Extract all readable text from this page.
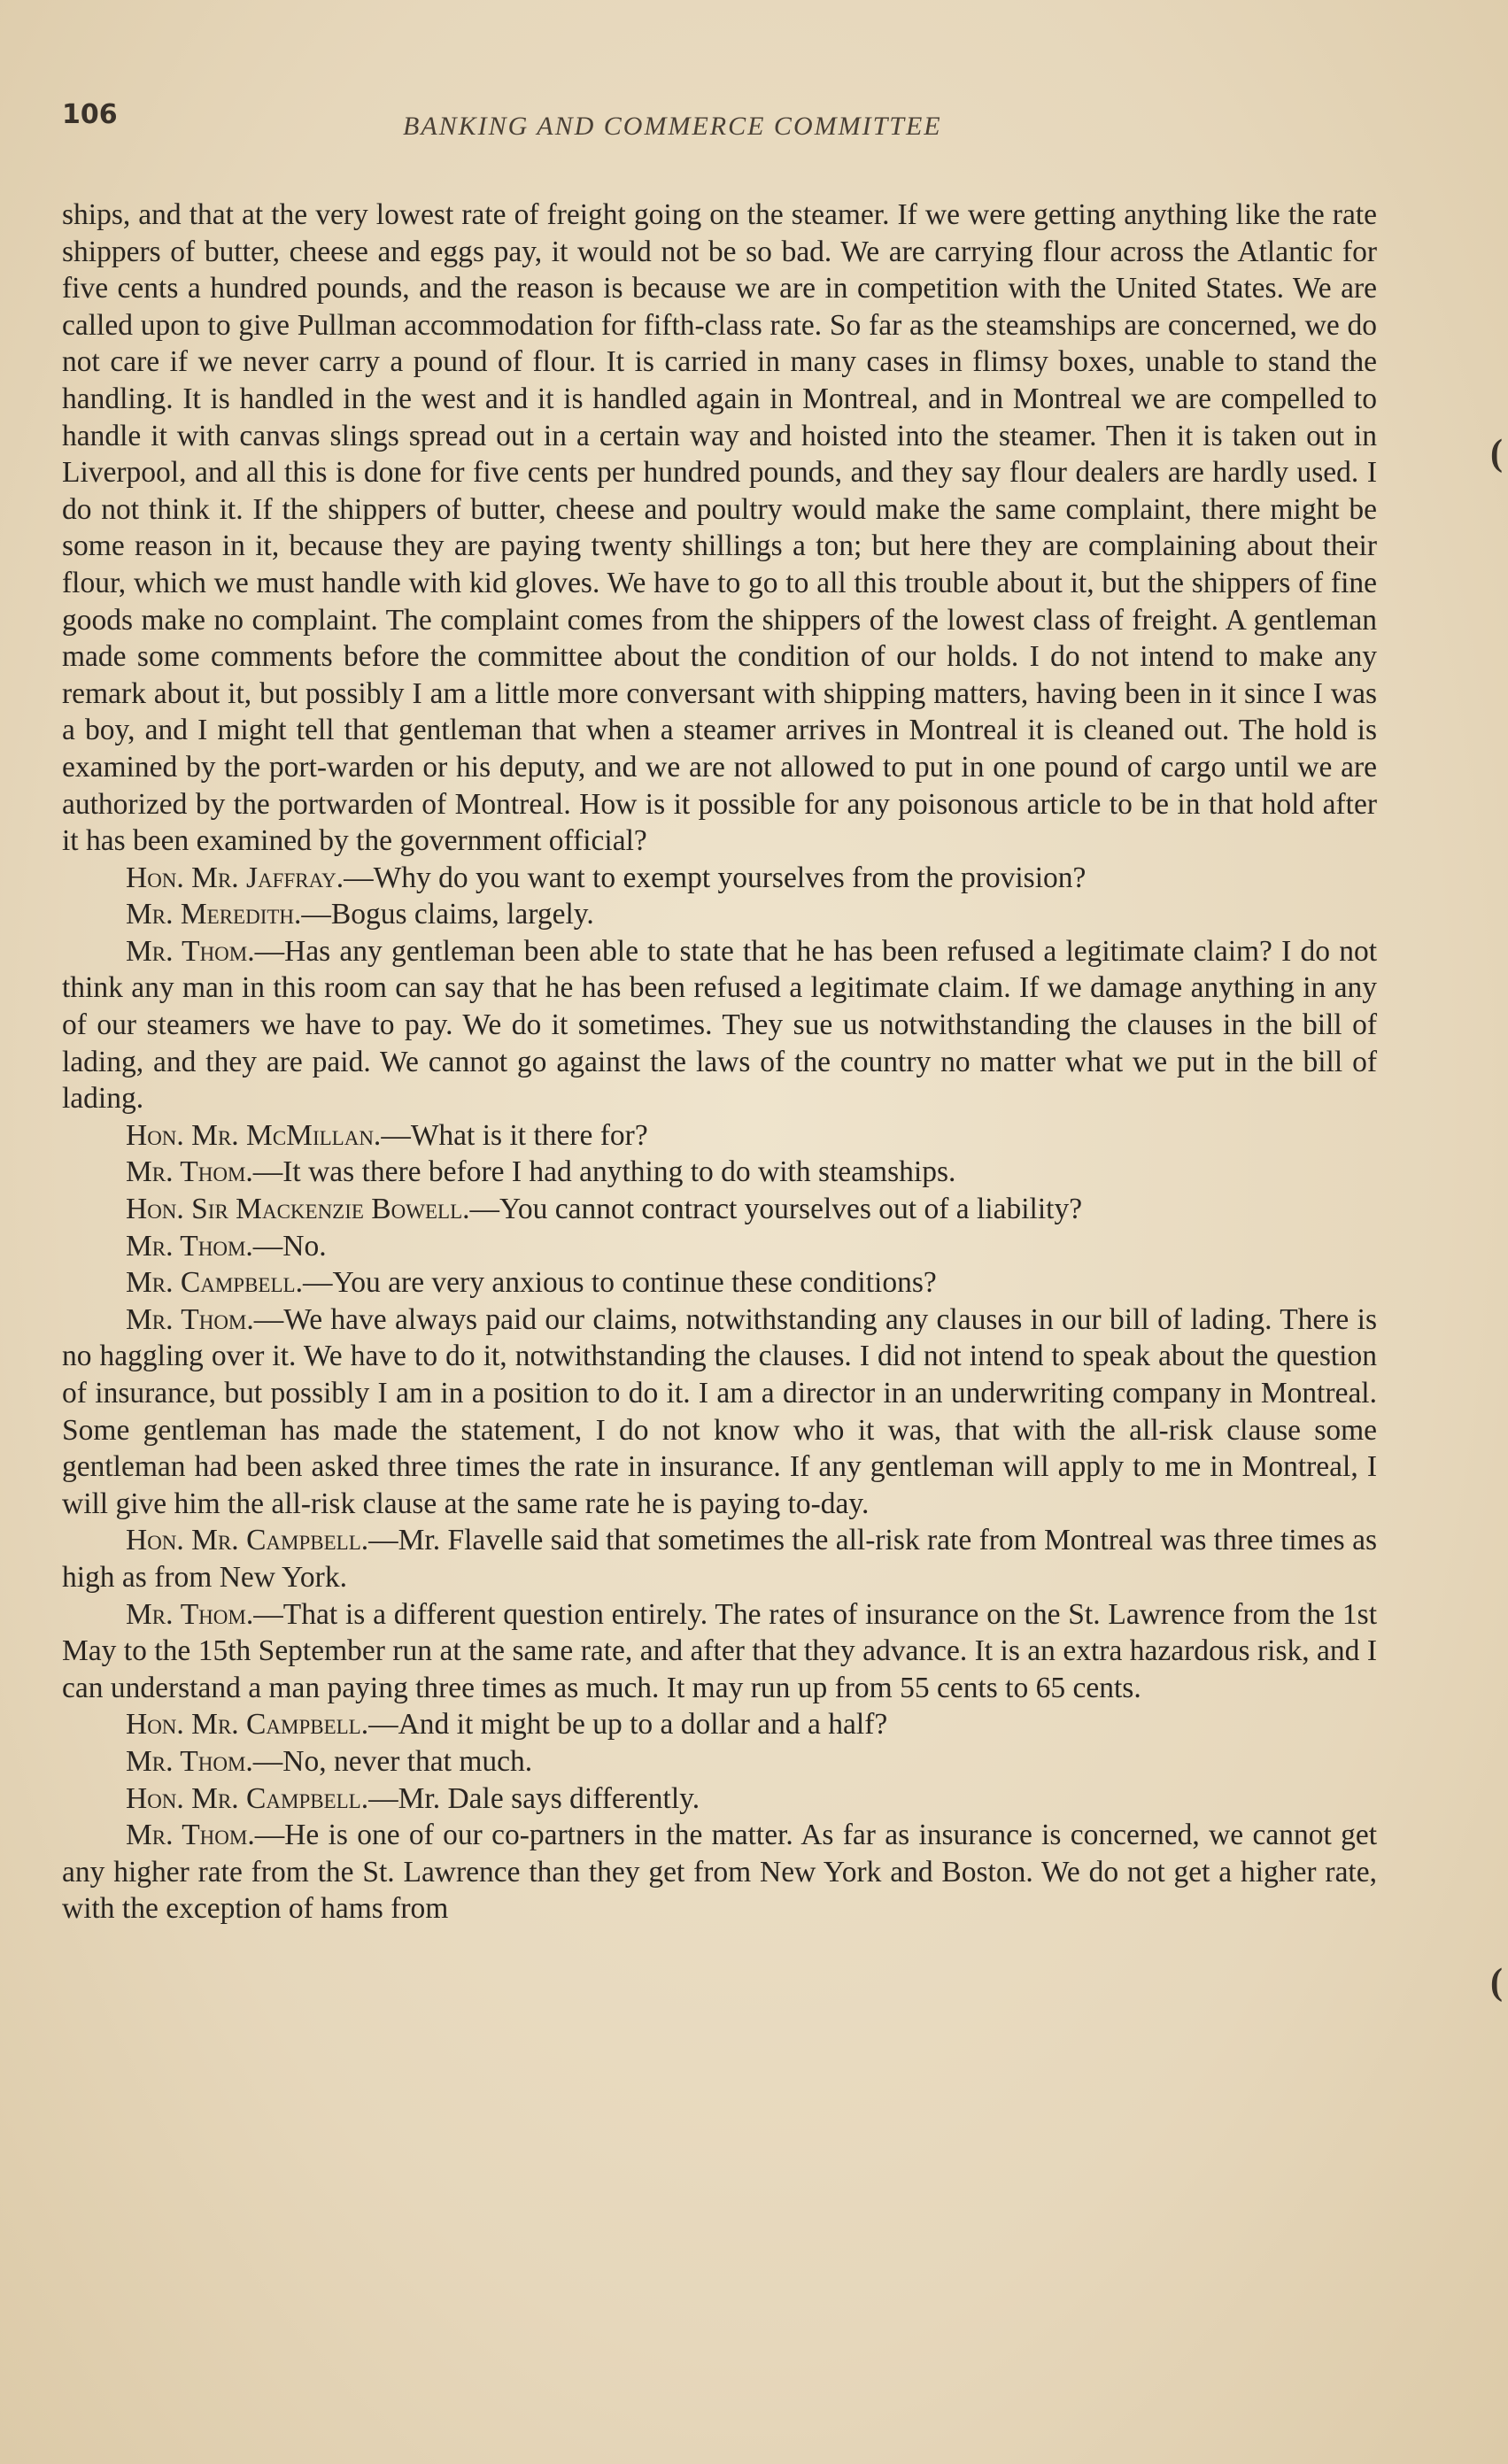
106	BANKING AND COMMERCE COMMITTEE

ships, and that at the very lowest rate of freight going on the steamer. If we were getting anything like the rate shippers of butter, cheese and eggs pay, it would not be so bad. We are carrying flour across the Atlantic for five cents a hundred pounds, and the reason is because we are in competition with the United States. We are called upon to give Pullman accommodation for fifth-class rate. So far as the steamships are concerned, we do not care if we never carry a pound of flour. It is carried in many cases in flimsy boxes, unable to stand the handling. It is handled in the west and it is handled again in Montreal, and in Montreal we are compelled to handle it with canvas slings spread out in a certain way and hoisted into the steamer. Then it is taken out in Liverpool, and all this is done for five cents per hundred pounds, and they say flour dealers are hardly used. I do not think it. If the shippers of butter, cheese and poultry would make the same complaint, there might be some reason in it, because they are paying twenty shillings a ton; but here they are complaining about their flour, which we must handle with kid gloves. We have to go to all this trouble about it, but the shippers of fine goods make no complaint. The complaint comes from the shippers of the lowest class of freight. A gentleman made some comments before the committee about the condition of our holds. I do not intend to make any remark about it, but possibly I am a little more conversant with shipping matters, having been in it since I was a boy, and I might tell that gentleman that when a steamer arrives in Montreal it is cleaned out. The hold is examined by the port-warden or his deputy, and we are not allowed to put in one pound of cargo until we are authorized by the portwarden of Montreal. How is it possible for any poisonous article to be in that hold after it has been examined by the government official?

Hon. Mr. Jaffray.—Why do you want to exempt yourselves from the provision?

Mr. Meredith.—Bogus claims, largely.

Mr. Thom.—Has any gentleman been able to state that he has been refused a legitimate claim? I do not think any man in this room can say that he has been refused a legitimate claim. If we damage anything in any of our steamers we have to pay. We do it sometimes. They sue us notwithstanding the clauses in the bill of lading, and they are paid. We cannot go against the laws of the country no matter what we put in the bill of lading.

Hon. Mr. McMillan.—What is it there for?

Mr. Thom.—It was there before I had anything to do with steamships.

Hon. Sir Mackenzie Bowell.—You cannot contract yourselves out of a liability?

Mr. Thom.—No.

Mr. Campbell.—You are very anxious to continue these conditions?

Mr. Thom.—We have always paid our claims, notwithstanding any clauses in our bill of lading. There is no haggling over it. We have to do it, notwithstanding the clauses. I did not intend to speak about the question of insurance, but possibly I am in a position to do it. I am a director in an underwriting company in Montreal. Some gentleman has made the statement, I do not know who it was, that with the all-risk clause some gentleman had been asked three times the rate in insurance. If any gentleman will apply to me in Montreal, I will give him the all-risk clause at the same rate he is paying to-day.

Hon. Mr. Campbell.—Mr. Flavelle said that sometimes the all-risk rate from Montreal was three times as high as from New York.

Mr. Thom.—That is a different question entirely. The rates of insurance on the St. Lawrence from the 1st May to the 15th September run at the same rate, and after that they advance. It is an extra hazardous risk, and I can understand a man paying three times as much. It may run up from 55 cents to 65 cents.

Hon. Mr. Campbell.—And it might be up to a dollar and a half?

Mr. Thom.—No, never that much.

Hon. Mr. Campbell.—Mr. Dale says differently.

Mr. Thom.—He is one of our co-partners in the matter. As far as insurance is concerned, we cannot get any higher rate from the St. Lawrence than they get from New York and Boston. We do not get a higher rate, with the exception of hams from

(
(
